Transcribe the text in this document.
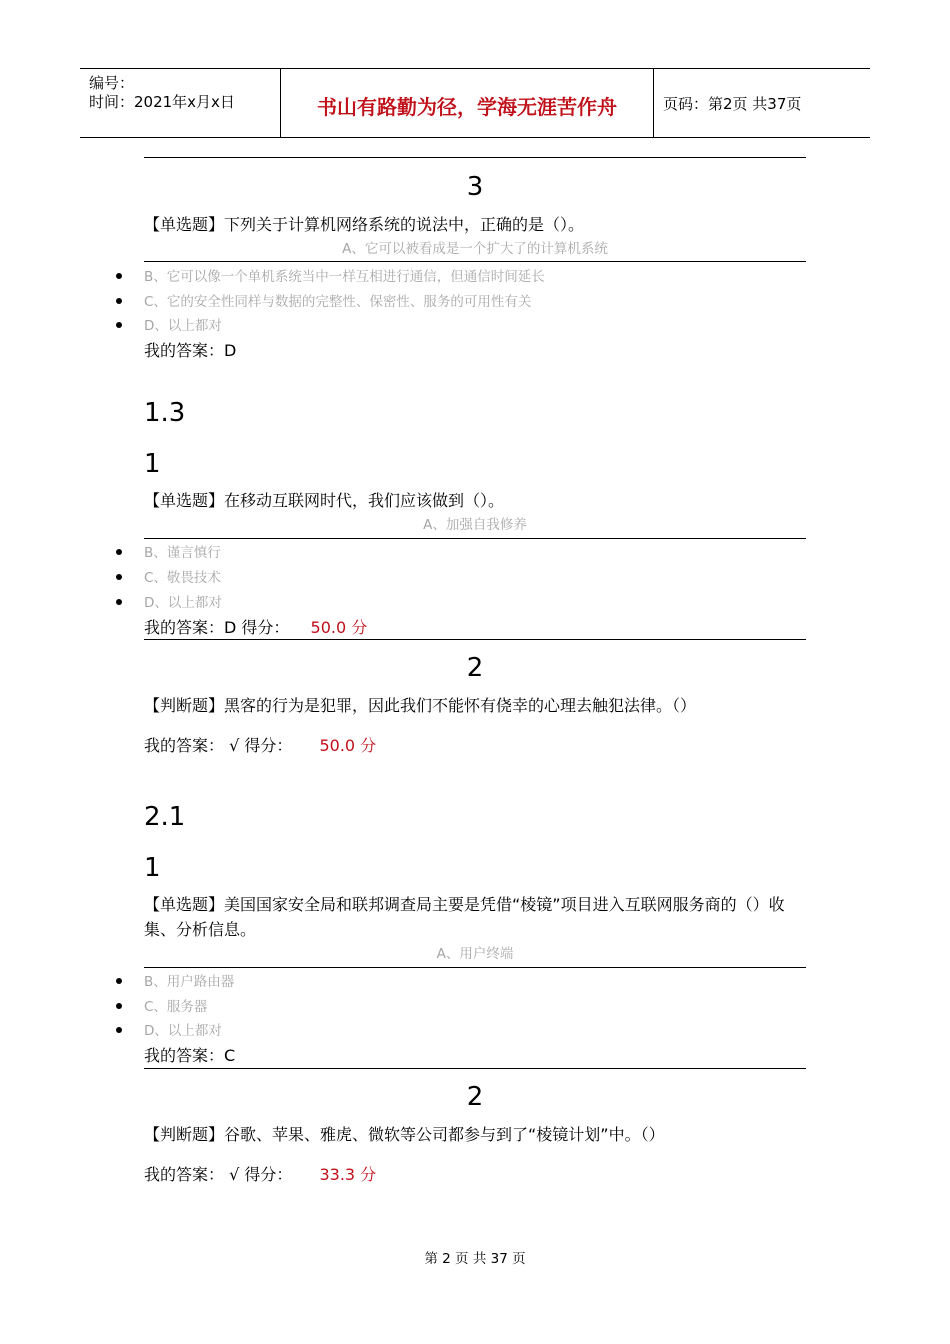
编号：
时间：2021年x月x日	书山有路勤为径，学海无涯苦作舟	页码：第2页 共37页
3
【单选题】下列关于计算机网络系统的说法中，正确的是（）。
A、它可以被看成是一个扩大了的计算机系统
B、它可以像一个单机系统当中一样互相进行通信，但通信时间延长
C、它的安全性同样与数据的完整性、保密性、服务的可用性有关
D、以上都对
我的答案：D
1.3
1
【单选题】在移动互联网时代，我们应该做到（）。
A、加强自我修养
B、谨言慎行
C、敬畏技术
D、以上都对
我的答案：D 得分： 50.0 分
2
【判断题】黑客的行为是犯罪，因此我们不能怀有侥幸的心理去触犯法律。（）
我的答案： √ 得分： 50.0 分
2.1
1
【单选题】美国国家安全局和联邦调查局主要是凭借“棱镜”项目进入互联网服务商的（）收集、分析信息。
A、用户终端
B、用户路由器
C、服务器
D、以上都对
我的答案：C
2
【判断题】谷歌、苹果、雅虎、微软等公司都参与到了“棱镜计划”中。（）
我的答案： √ 得分： 33.3 分
第 2 页 共 37 页
